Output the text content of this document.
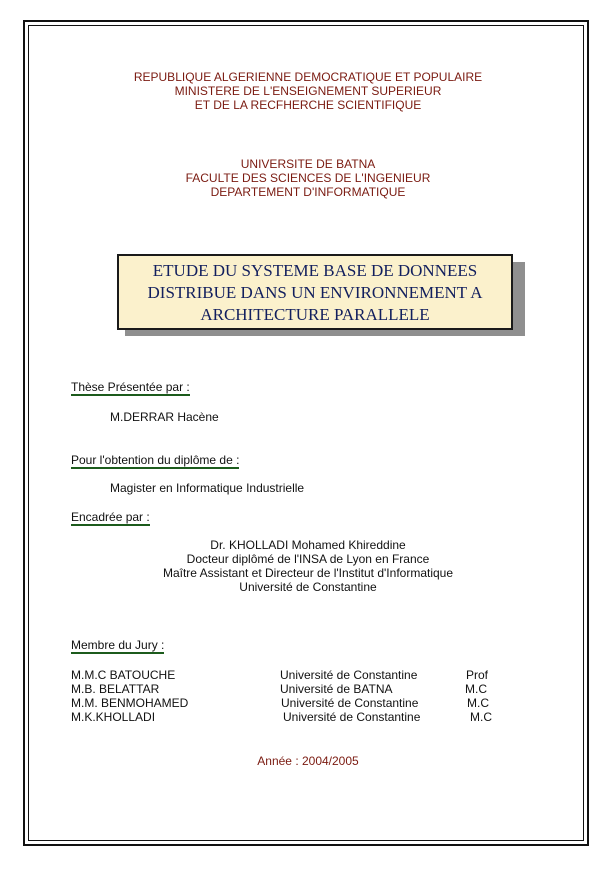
REPUBLIQUE ALGERIENNE DEMOCRATIQUE ET POPULAIRE
MINISTERE DE L'ENSEIGNEMENT SUPERIEUR
ET DE LA RECFHERCHE SCIENTIFIQUE
UNIVERSITE DE BATNA
FACULTE DES SCIENCES DE L'INGENIEUR
DEPARTEMENT D'INFORMATIQUE
ETUDE DU SYSTEME BASE DE DONNEES
DISTRIBUE DANS UN ENVIRONNEMENT A
ARCHITECTURE PARALLELE
Thèse Présentée par :
M.DERRAR Hacène
Pour l'obtention du diplôme de :
Magister en Informatique Industrielle
Encadrée par :
Dr. KHOLLADI Mohamed Khireddine
Docteur diplômé de l'INSA de Lyon en France
Maître Assistant et Directeur de l'Institut d'Informatique
Université de Constantine
Membre du Jury :
M.M.C BATOUCHE	Université de Constantine	Prof
M.B. BELATTAR	Université de BATNA	M.C
M.M. BENMOHAMED	Université de Constantine	M.C
M.K.KHOLLADI	Université de Constantine	M.C
Année : 2004/2005
